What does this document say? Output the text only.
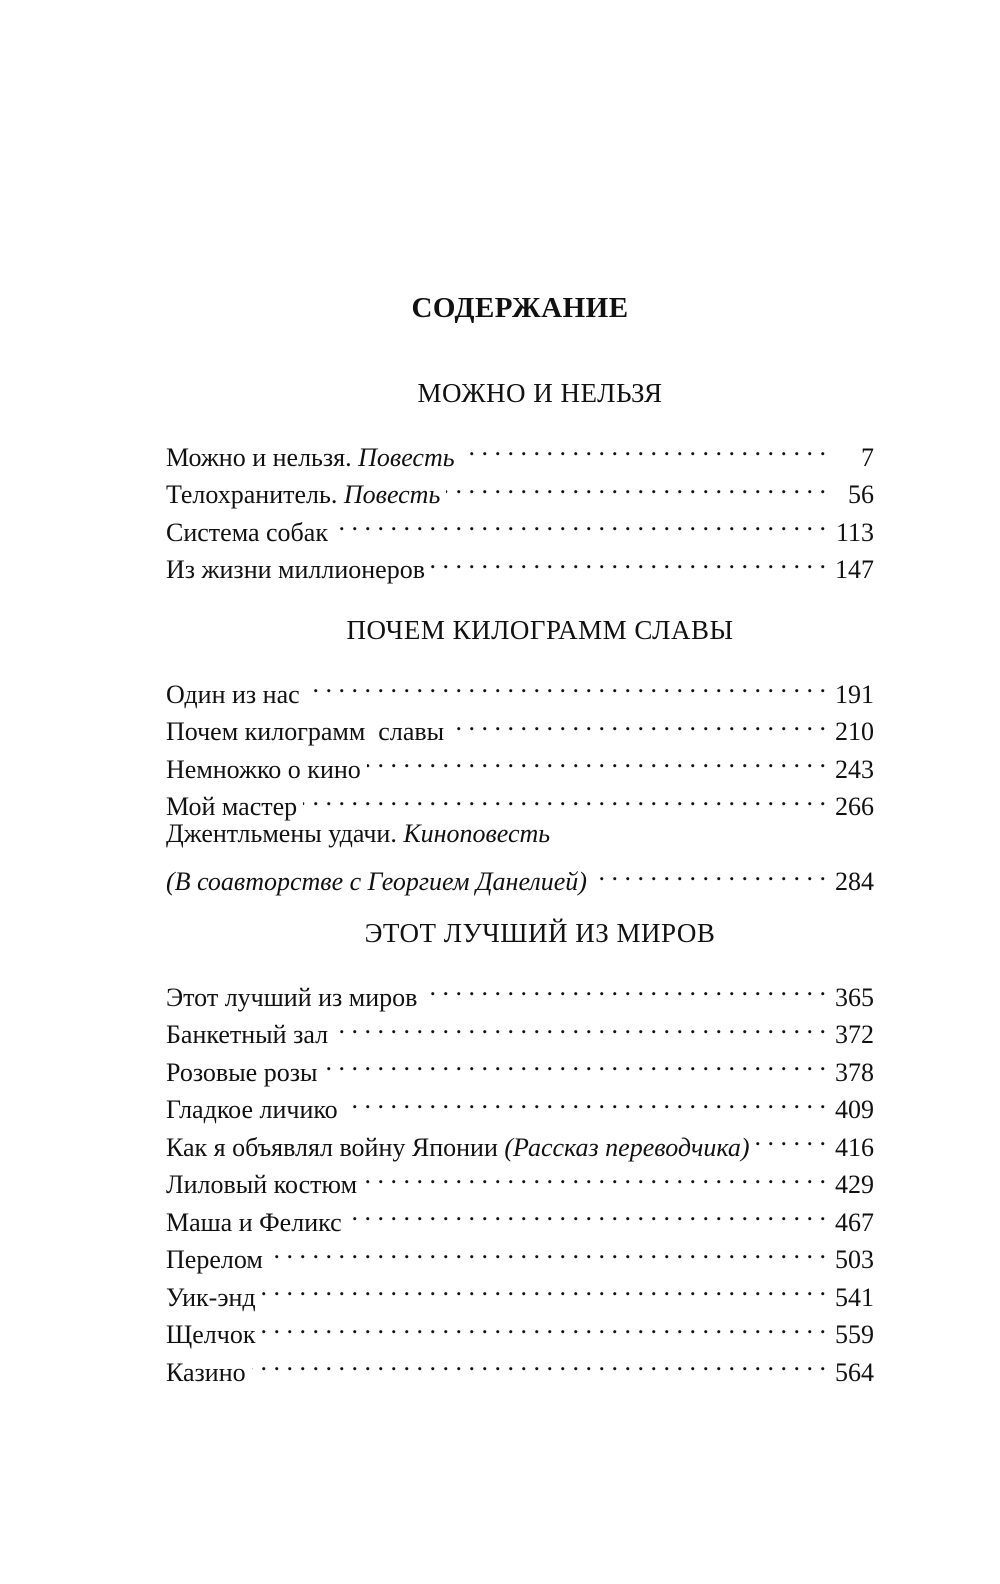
СОДЕРЖАНИЕ
МОЖНО И НЕЛЬЗЯ
Можно и нельзя. Повесть . . .	7
Телохранитель. Повесть . . .	56
Система собак . . .	113
Из жизни миллионеров . . .	147
ПОЧЕМ КИЛОГРАММ СЛАВЫ
Один из нас . . .	191
Почем килограмм  славы . . .	210
Немножко о кино . . .	243
Мой мастер . . .	266
Джентльмены удачи. Киноповесть
(В соавторстве с Георгием Данелией) . . .	284
ЭТОТ ЛУЧШИЙ ИЗ МИРОВ
Этот лучший из миров . . .	365
Банкетный зал . . .	372
Розовые розы . . .	378
Гладкое личико . . .	409
Как я объявлял войну Японии (Рассказ переводчика) . . .	416
Лиловый костюм . . .	429
Маша и Феликс . . .	467
Перелом . . .	503
Уик-энд . . .	541
Щелчок . . .	559
Казино . . .	564
